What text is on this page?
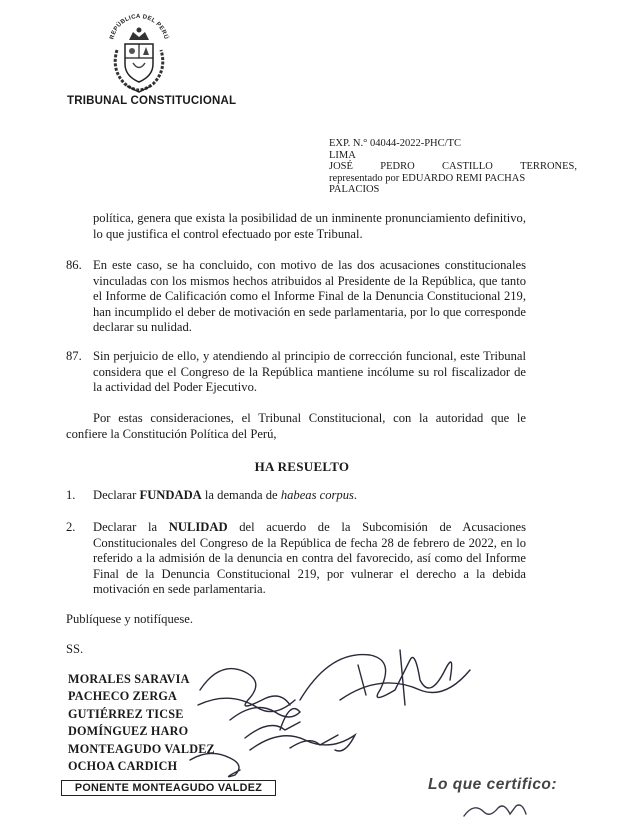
REPÚBLICA DEL PERÚ
TRIBUNAL CONSTITUCIONAL
EXP. N.° 04044-2022-PHC/TC
LIMA
JOSÉ	PEDRO	CASTILLO	TERRONES,
representado por EDUARDO REMI PACHAS
PALACIOS
política, genera que exista la posibilidad de un inminente pronunciamiento definitivo, lo que justifica el control efectuado por este Tribunal.
86. En este caso, se ha concluido, con motivo de las dos acusaciones constitucionales vinculadas con los mismos hechos atribuidos al Presidente de la República, que tanto el Informe de Calificación como el Informe Final de la Denuncia Constitucional 219, han incumplido el deber de motivación en sede parlamentaria, por lo que corresponde declarar su nulidad.
87. Sin perjuicio de ello, y atendiendo al principio de corrección funcional, este Tribunal considera que el Congreso de la República mantiene incólume su rol fiscalizador de la actividad del Poder Ejecutivo.
Por estas consideraciones, el Tribunal Constitucional, con la autoridad que le
confiere la Constitución Política del Perú,
HA RESUELTO
1. Declarar FUNDADA la demanda de habeas corpus.
2. Declarar la NULIDAD del acuerdo de la Subcomisión de Acusaciones Constitucionales del Congreso de la República de fecha 28 de febrero de 2022, en lo referido a la admisión de la denuncia en contra del favorecido, así como del Informe Final de la Denuncia Constitucional 219, por vulnerar el derecho a la debida motivación en sede parlamentaria.
Publíquese y notifíquese.
SS.
MORALES SARAVIA
PACHECO ZERGA
GUTIÉRREZ TICSE
DOMÍNGUEZ HARO
MONTEAGUDO VALDEZ
OCHOA CARDICH
PONENTE MONTEAGUDO VALDEZ	Lo que certifico:
